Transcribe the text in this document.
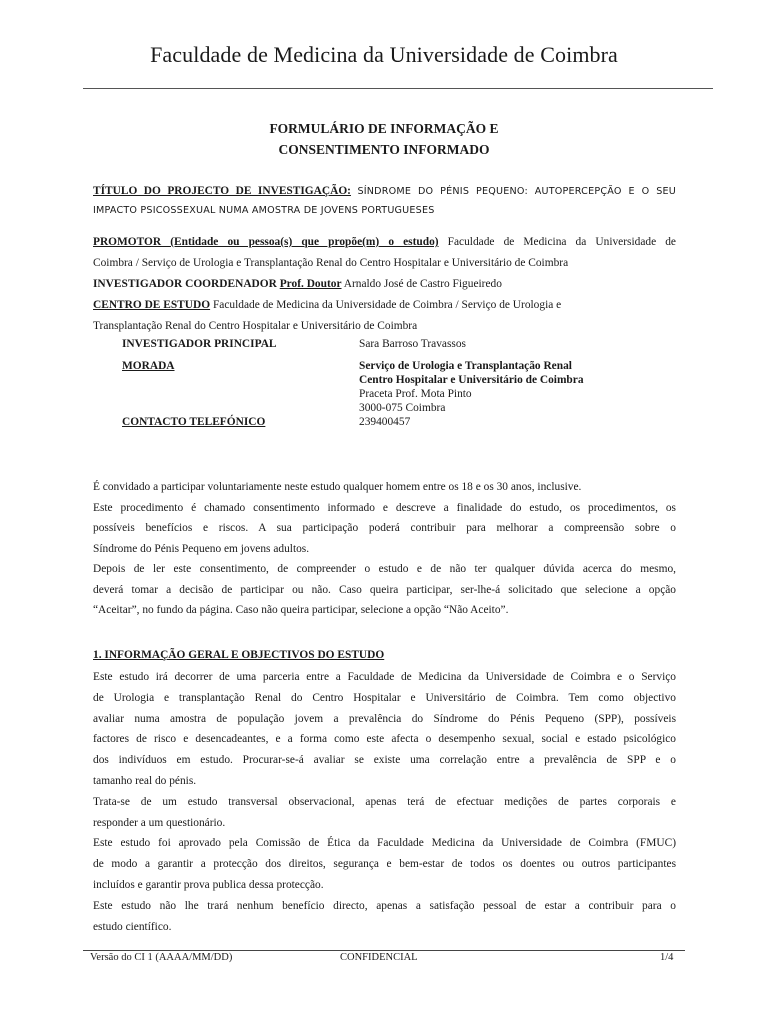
Faculdade de Medicina da Universidade de Coimbra
FORMULÁRIO DE INFORMAÇÃO E
CONSENTIMENTO INFORMADO
TÍTULO DO PROJECTO DE INVESTIGAÇÃO: SÍNDROME DO PÉNIS PEQUENO: AUTOPERCEPÇÃO E O SEU
IMPACTO PSICOSSEXUAL NUMA AMOSTRA DE JOVENS PORTUGUESES
PROMOTOR (Entidade ou pessoa(s) que propõe(m) o estudo) Faculdade de Medicina da Universidade de
Coimbra / Serviço de Urologia e Transplantação Renal do Centro Hospitalar e Universitário de Coimbra
INVESTIGADOR COORDENADOR Prof. Doutor Arnaldo José de Castro Figueiredo
CENTRO DE ESTUDO Faculdade de Medicina da Universidade de Coimbra / Serviço de Urologia e
Transplantação Renal do Centro Hospitalar e Universitário de Coimbra
INVESTIGADOR PRINCIPAL	Sara Barroso Travassos
MORADA	Serviço de Urologia e Transplantação Renal
Centro Hospitalar e Universitário de Coimbra
Praceta Prof. Mota Pinto
3000-075 Coimbra
CONTACTO TELEFÓNICO	239400457
É convidado a participar voluntariamente neste estudo qualquer homem entre os 18 e os 30 anos, inclusive.
Este procedimento é chamado consentimento informado e descreve a finalidade do estudo, os procedimentos, os
possíveis benefícios e riscos. A sua participação poderá contribuir para melhorar a compreensão sobre o
Síndrome do Pénis Pequeno em jovens adultos.
Depois de ler este consentimento, de compreender o estudo e de não ter qualquer dúvida acerca do mesmo,
deverá tomar a decisão de participar ou não. Caso queira participar, ser-lhe-á solicitado que selecione a opção
“Aceitar”, no fundo da página. Caso não queira participar, selecione a opção “Não Aceito”.
1. INFORMAÇÃO GERAL E OBJECTIVOS DO ESTUDO
Este estudo irá decorrer de uma parceria entre a Faculdade de Medicina da Universidade de Coimbra e o Serviço
de Urologia e transplantação Renal do Centro Hospitalar e Universitário de Coimbra. Tem como objectivo
avaliar numa amostra de população jovem a prevalência do Síndrome do Pénis Pequeno (SPP), possíveis
factores de risco e desencadeantes, e a forma como este afecta o desempenho sexual, social e estado psicológico
dos indivíduos em estudo. Procurar-se-á avaliar se existe uma correlação entre a prevalência de SPP e o
tamanho real do pénis.
Trata-se de um estudo transversal observacional, apenas terá de efectuar medições de partes corporais e
responder a um questionário.
Este estudo foi aprovado pela Comissão de Ética da Faculdade Medicina da Universidade de Coimbra (FMUC)
de modo a garantir a protecção dos direitos, segurança e bem-estar de todos os doentes ou outros participantes
incluídos e garantir prova publica dessa protecção.
Este estudo não lhe trará nenhum benefício directo, apenas a satisfação pessoal de estar a contribuir para o
estudo científico.
Versão do CI 1 (AAAA/MM/DD)	CONFIDENCIAL	1/4
